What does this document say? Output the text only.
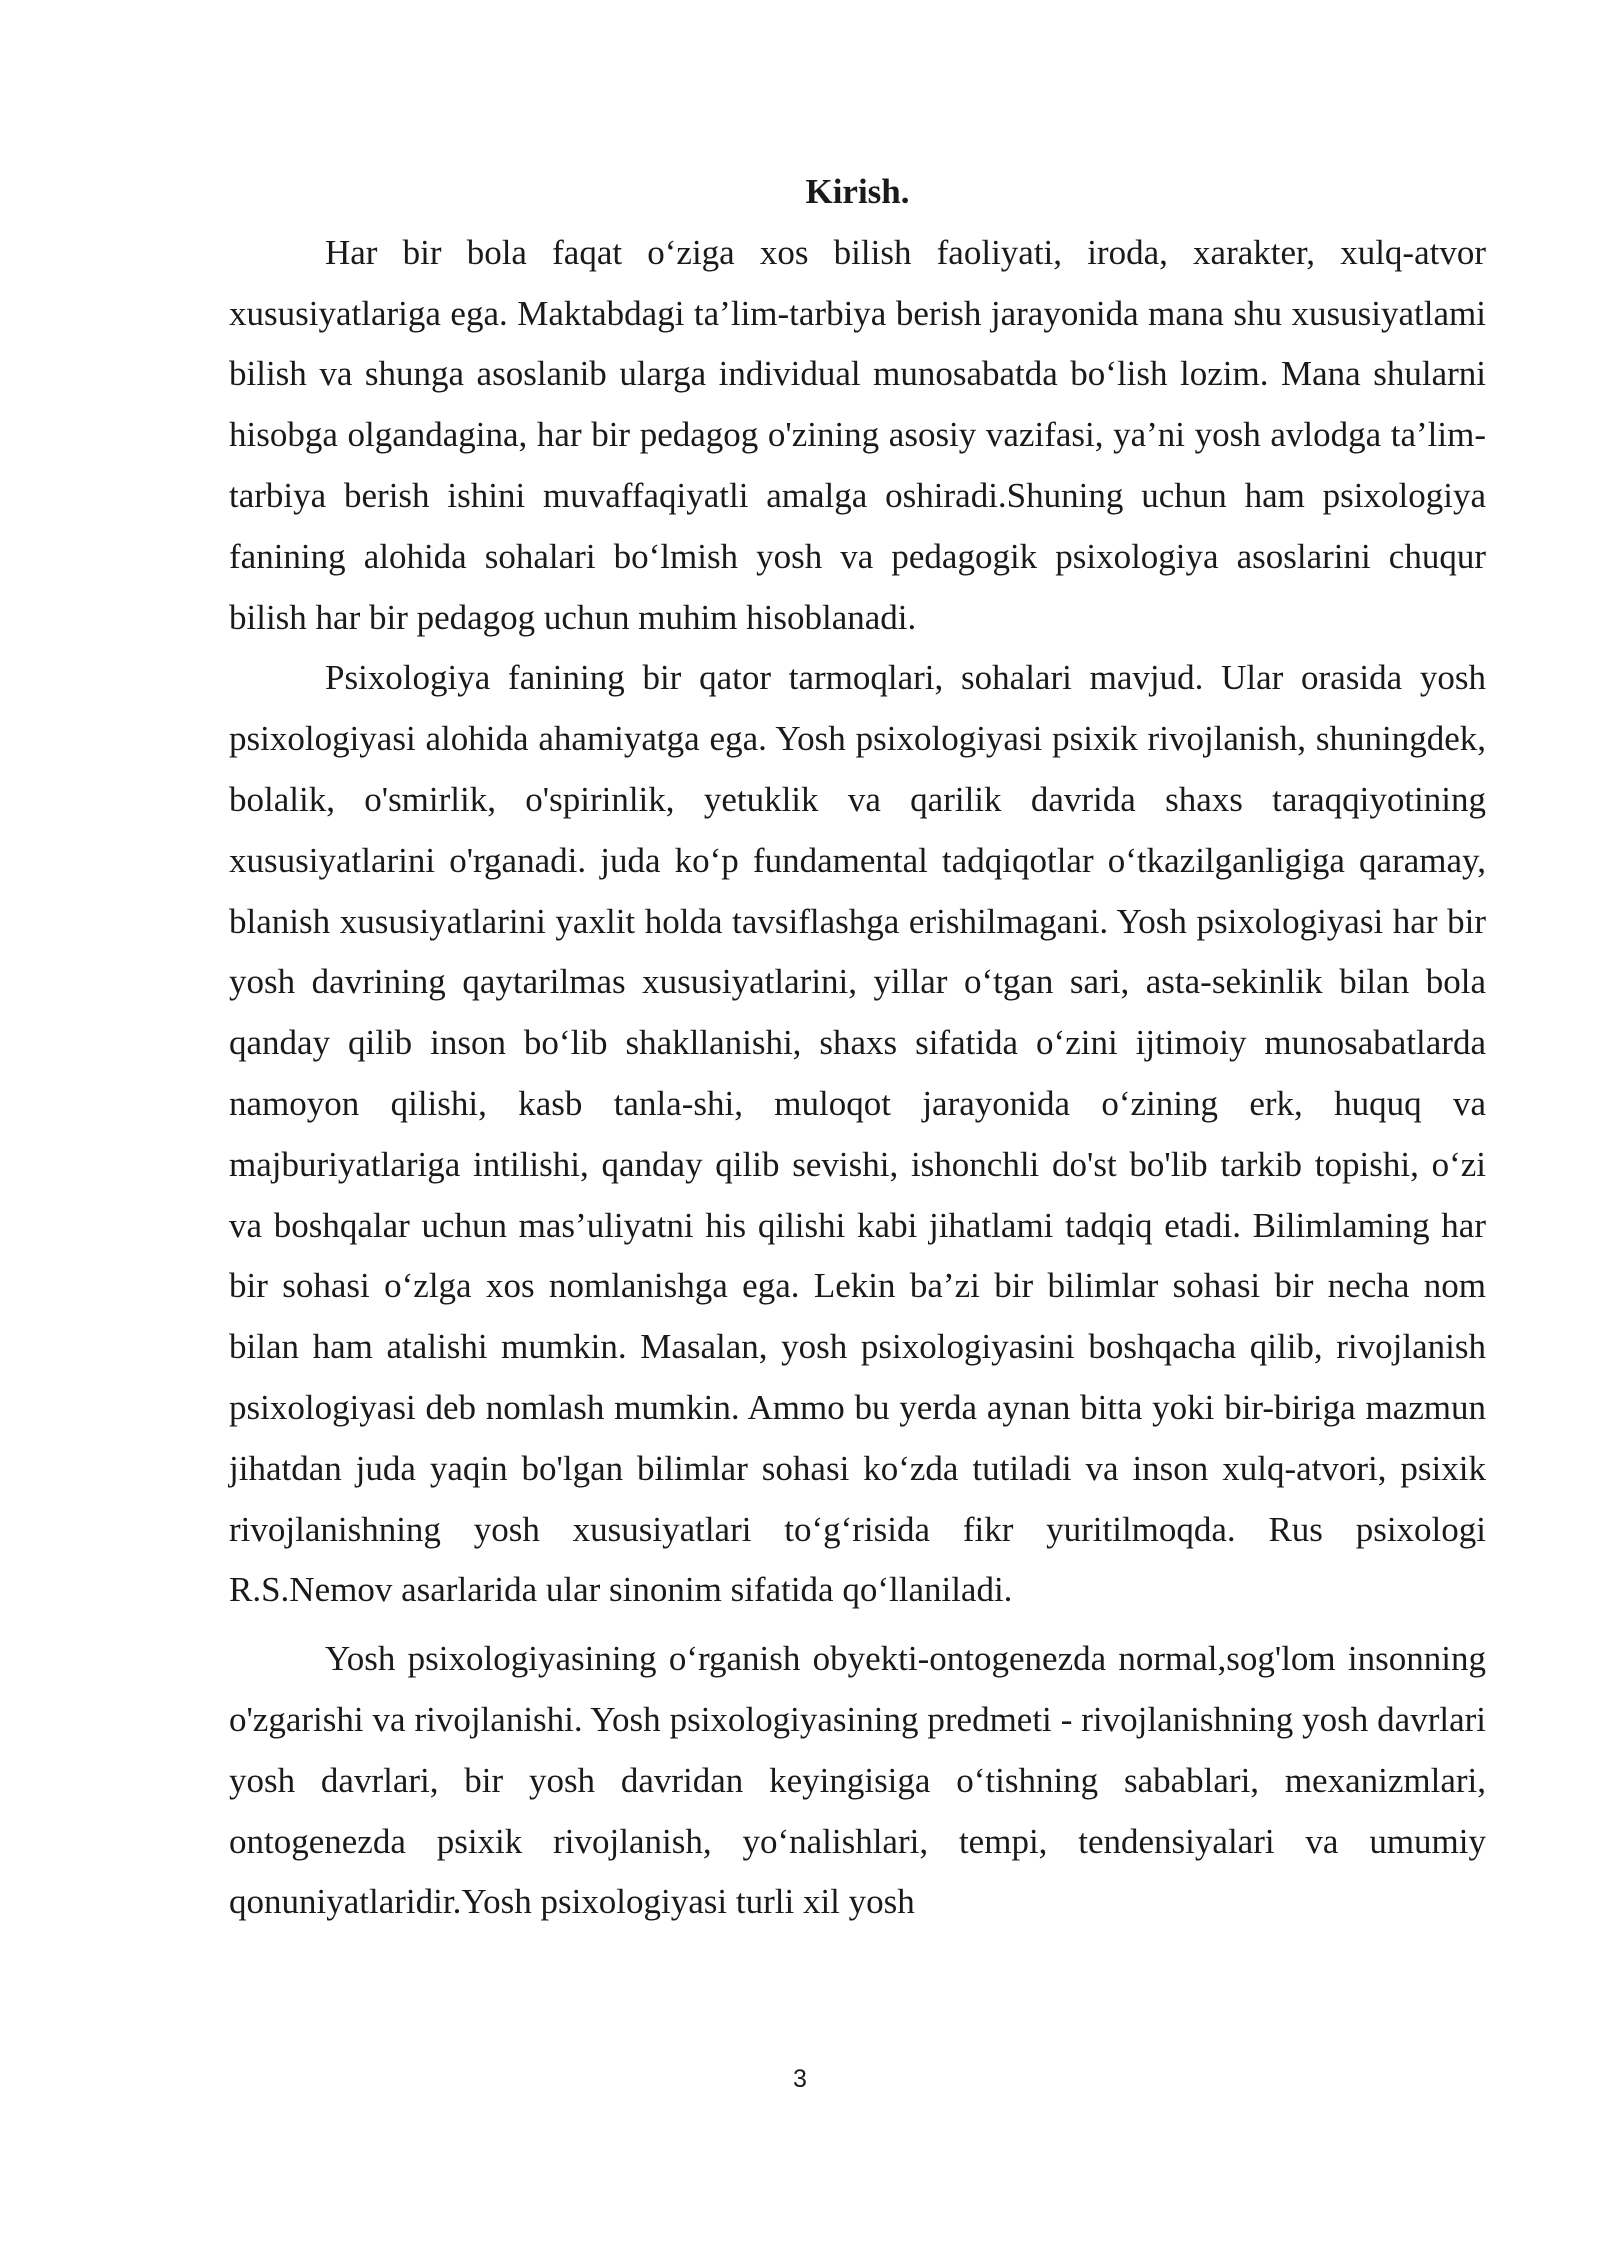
Kirish.

Har bir bola faqat o‘ziga xos bilish faoliyati, iroda, xarakter, xulq-atvor xususiyatlariga ega. Maktabdagi ta’lim-tarbiya berish jarayonida mana shu xususiyatlami bilish va shunga asoslanib ularga individual munosabatda bo‘lish lozim. Mana shularni hisobga olgandagina, har bir pedagog o'zining asosiy vazifasi, ya’ni yosh avlodga ta’lim-tarbiya berish ishini muvaffaqiyatli amalga oshiradi.Shuning uchun ham psixologiya fanining alohida sohalari bo‘lmish yosh va pedagogik psixologiya asoslarini chuqur bilish har bir pedagog uchun muhim hisoblanadi.

Psixologiya fanining bir qator tarmoqlari, sohalari mavjud. Ular orasida yosh psixologiyasi alohida ahamiyatga ega. Yosh psixologiyasi psixik rivojlanish, shuningdek, bolalik, o'smirlik, o'spirinlik, yetuklik va qarilik davrida shaxs taraqqiyotining xususiyatlarini o'rganadi. juda ko‘p fundamental tadqiqotlar o‘tkazilganligiga qaramay, blanish xususiyatlarini yaxlit holda tavsiflashga erishilmagani. Yosh psixologiyasi har bir yosh davrining qaytarilmas xususiyatlarini, yillar o‘tgan sari, asta-sekinlik bilan bola qanday qilib inson bo‘lib shakllanishi, shaxs sifatida o‘zini ijtimoiy munosabatlarda namoyon qilishi, kasb tanla-shi, muloqot jarayonida o‘zining erk, huquq va majburiyatlariga intilishi, qanday qilib sevishi, ishonchli do'st bo'lib tarkib topishi, o‘zi va boshqalar uchun mas’uliyatni his qilishi kabi jihatlami tadqiq etadi. Bilimlaming har bir sohasi o‘zlga xos nomlanishga ega. Lekin ba’zi bir bilimlar sohasi bir necha nom bilan ham atalishi mumkin. Masalan, yosh psixologiyasini boshqacha qilib, rivojlanish psixologiyasi deb nomlash mumkin. Ammo bu yerda aynan bitta yoki bir-biriga mazmun jihatdan juda yaqin bo'lgan bilimlar sohasi ko‘zda tutiladi va inson xulq-atvori, psixik rivojlanishning yosh xususiyatlari to‘g‘risida fikr yuritilmoqda. Rus psixologi R.S.Nemov asarlarida ular sinonim sifatida qo‘llaniladi.

Yosh psixologiyasining o‘rganish obyekti-ontogenezda normal,sog'lom insonning o'zgarishi va rivojlanishi. Yosh psixologiyasining predmeti - rivojlanishning yosh davrlari yosh davrlari, bir yosh davridan keyingisiga o‘tishning sabablari, mexanizmlari, ontogenezda psixik rivojlanish, yo‘nalishlari, tempi, tendensiyalari va umumiy qonuniyatlaridir.Yosh psixologiyasi turli xil yosh

3
